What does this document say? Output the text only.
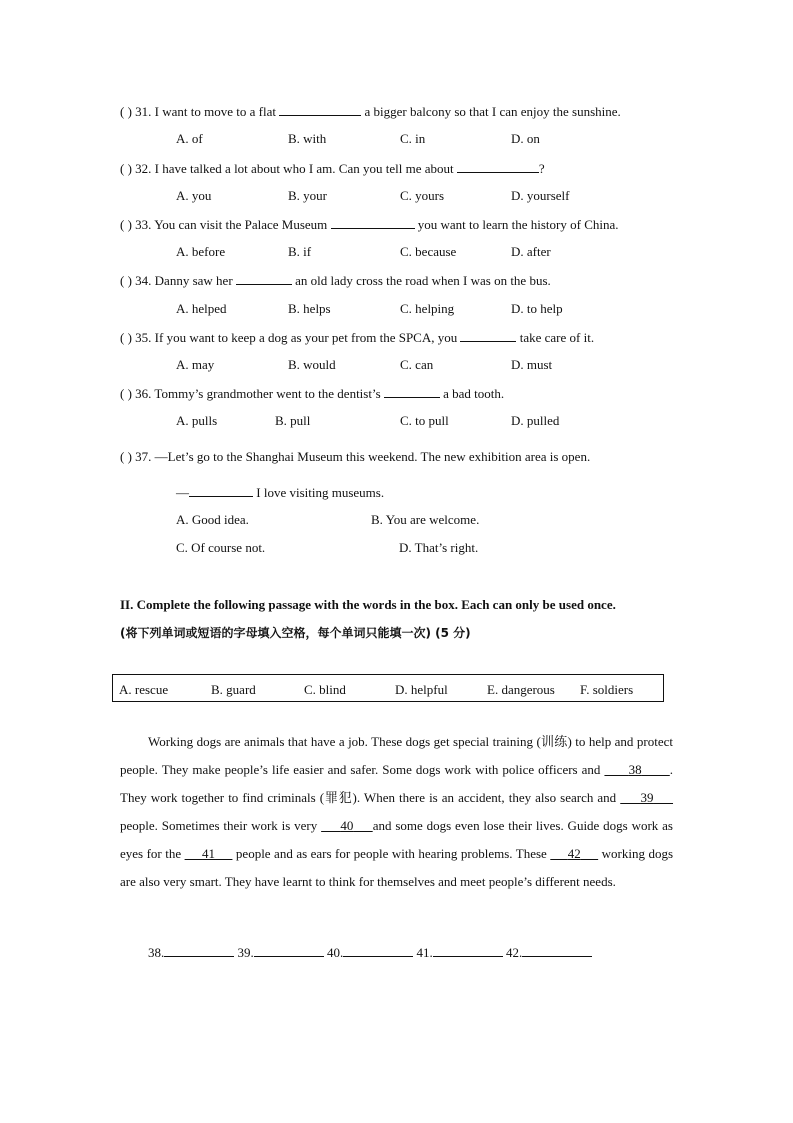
( ) 31. I want to move to a flat	a bigger balcony so that I can enjoy the sunshine.
A. of	B. with	C. in	D. on
( ) 32. I have talked a lot about who I am. Can you tell me about	?
A. you	B. your	C. yours	D. yourself
( ) 33. You can visit the Palace Museum	you want to learn the history of China.
A. before	B. if	C. because	D. after
( ) 34. Danny saw her	an old lady cross the road when I was on the bus.
A. helped	B. helps	C. helping	D. to help
( ) 35. If you want to keep a dog as your pet from the SPCA, you	take care of it.
A. may	B. would	C. can	D. must
( ) 36. Tommy’s grandmother went to the dentist’s	a bad tooth.
A. pulls	B. pull	C. to pull	D. pulled
( ) 37. —Let’s go to the Shanghai Museum this weekend. The new exhibition area is open.
—	I love visiting museums.
A. Good idea.	B. You are welcome.
C. Of course not.	D. That’s right.
II. Complete the following passage with the words in the box. Each can only be used once.
(将下列单词或短语的字母填入空格，每个单词只能填一次) (5 分)
A. rescue	B. guard	C. blind	D. helpful	E. dangerous F. soldiers
Working dogs are animals that have a job. These dogs get special training (训练) to help and protect people. They make people’s life easier and safer. Some dogs work with police officers and 38 . They work together to find criminals (罪犯). When there is an accident, they also search and 39      people. Sometimes their work is very 40 and some dogs even lose their lives. Guide dogs work as eyes for the 41 people and as ears for people with hearing problems. These 42 working dogs are also very smart. They have learnt to think for themselves and meet people’s different needs.
38.	39.	40.	41.	42.
